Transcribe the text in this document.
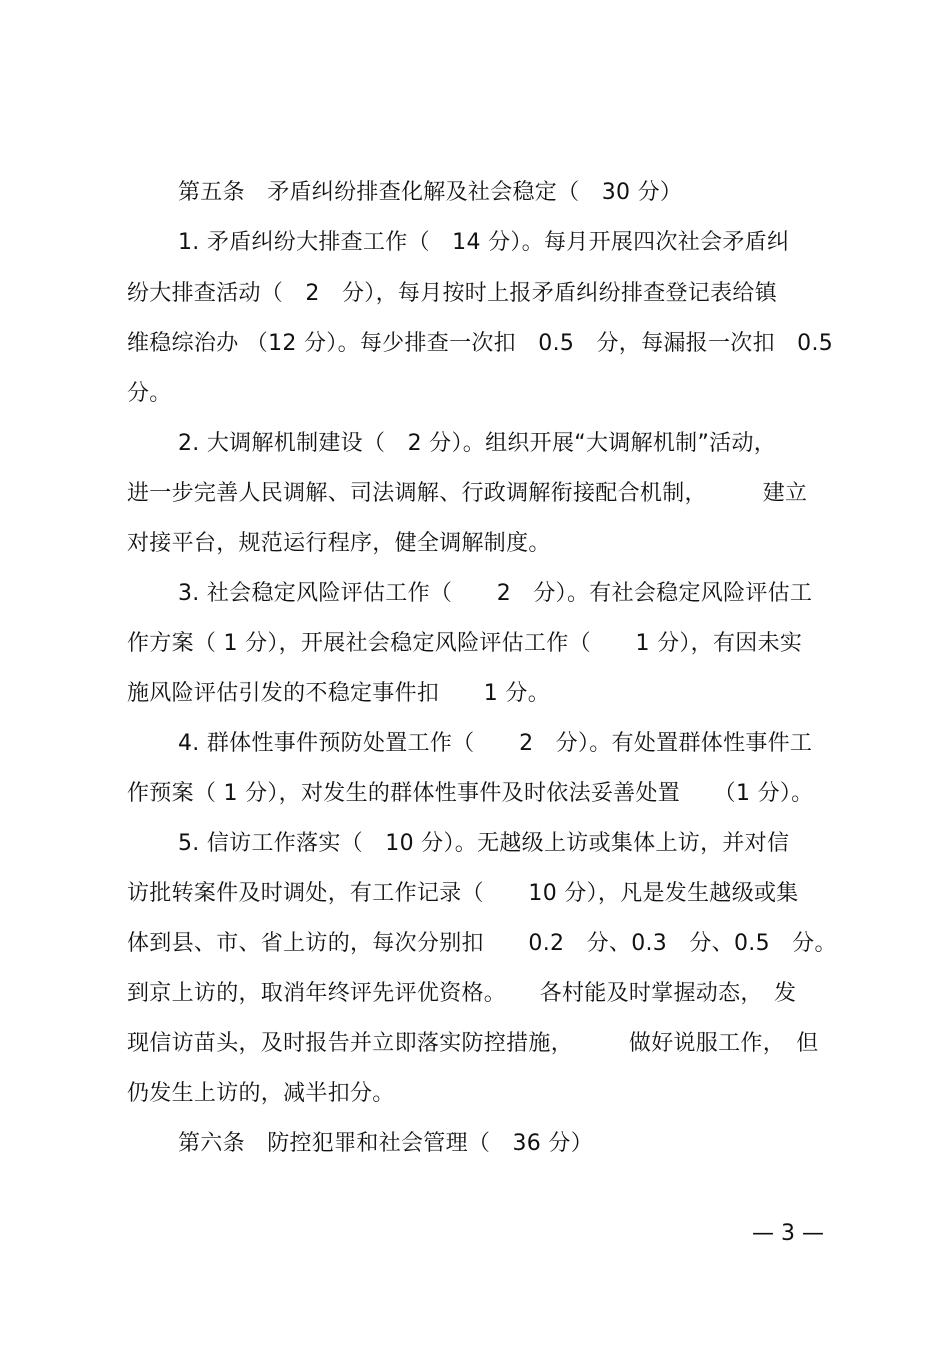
第五条　矛盾纠纷排查化解及社会稳定（　30 分）
1. 矛盾纠纷大排查工作（　14 分）。每月开展四次社会矛盾纠
纷大排查活动（　2　分），每月按时上报矛盾纠纷排查登记表给镇
维稳综治办 （12 分）。每少排查一次扣　0.5　分，每漏报一次扣　0.5
分。
2. 大调解机制建设（　2 分）。组织开展“大调解机制”活动，
进一步完善人民调解、司法调解、行政调解衔接配合机制，　　　建立
对接平台，规范运行程序，健全调解制度。
3. 社会稳定风险评估工作（　　2　分）。有社会稳定风险评估工
作方案（ 1 分），开展社会稳定风险评估工作（　　1 分），有因未实
施风险评估引发的不稳定事件扣　　1 分。
4. 群体性事件预防处置工作（　　2　分）。有处置群体性事件工
作预案（ 1 分），对发生的群体性事件及时依法妥善处置　　（1 分）。
5. 信访工作落实（　10 分）。无越级上访或集体上访，并对信
访批转案件及时调处，有工作记录（　　10 分），凡是发生越级或集
体到县、市、省上访的，每次分别扣　　0.2　分、0.3　分、0.5　分。
到京上访的，取消年终评先评优资格。　　各村能及时掌握动态，　发
现信访苗头，及时报告并立即落实防控措施，　　　做好说服工作，　但
仍发生上访的，减半扣分。
第六条　防控犯罪和社会管理（　36 分）
— 3 —
